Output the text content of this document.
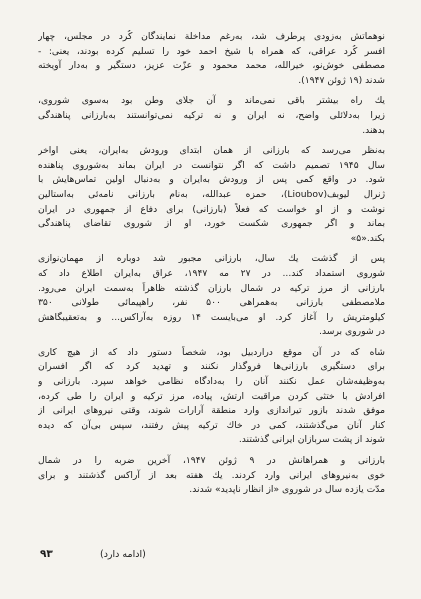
نوهماتش بەزودی پرطرف شد، بەرغم مداخلة نمایندگان کُرد در مجلس، چهار
افسر کُرد عراقی، که همراه با شیخ احمد خود را تسلیم کرده بودند، یعنی: -
مصطفی خوش‌نو، خیرالله، محمد محمود و عزّت عزیز، دستگیر و بەدار آویخته
شدند (۱۹ ژوئن ۱۹۴۷).

یك راه بیشتر باقی نمی‌ماند و آن جلای وطن بود بەسوی شوروی،
زیرا بەدلائلی واضح، نه ایران و نه ترکیه نمی‌توانستند بەبارزانی پناهندگی
بدهند.

بەنظر می‌رسد که بارزانی از همان ابتدای ورودش بەایران، یعنی اواخر
سال ۱۹۴۵ تصمیم داشت که اگر نتوانست در ایران بماند بەشوروی پناهنده
شود. در واقع کمی پس از ورودش بەایران و بەدنبال اولین تماس‌هایش با
ژنرال لیوبف(Lioubov)، حمزه عبدالله، بەنام بارزانی نامه‌ئی بەاستالین
نوشت و از او خواست که فعلاً (بارزانی) برای دفاع از جمهوری در ایران
بماند و اگر جمهوری شکست خورد، او از شوروی تقاضای پناهندگی
بکند.«۵»

پس از گذشت یك سال، بارزانی مجبور شد دوباره از مهمان‌نوازی
شوروی استمداد کند... در ۲۷ مه ۱۹۴۷، عراق بەایران اطلاع داد که
بارزانی از مرز ترکیه در شمال بارزان گذشته ظاهراً بەسمت ایران می‌رود.
ملامصطفی بارزانی بەهمراهی ۵۰۰ نفر، راهپیمائی طولانی ۳۵۰
کیلومتریش را آغاز کرد. او می‌بایست ۱۴ روزه بەآراکس... و بەتعقیبگاهش
در شوروی برسد.

شاه که در آن موقع دراردبیل بود، شخصاً دستور داد که از هیچ کاری
برای دستگیری بارزانی‌ها فروگذار نکنند و تهدید کرد که اگر افسران
بەوظیفەشان عمل نکنند آنان را بەدادگاه نظامی خواهد سپرد. بارزانی و
افرادش با ختثی کردن مراقبت ارتش، پیاده، مرز ترکیه و ایران را طی کرده،
موفق شدند بازور تیراندازی وارد منطقة آرارات شوند، وقتی نیروهای ایرانی از
کنار آنان می‌گذشتند، کمی در خاك ترکیه پیش رفتند، سپس بی‌آن که دیده
شوند از پشت سربازان ایرانی گذشتند.

بارزانی و همراهانش در ۹ ژوئن ۱۹۴۷، آخرین ضربه را در شمال
خوی بەنیروهای ایرانی وارد کردند. یك هفته بعد از آراکس گذشتند و برای
مدّت یازده سال در شوروی «از انظار ناپدید» شدند.

۹۳	(ادامه دارد)
